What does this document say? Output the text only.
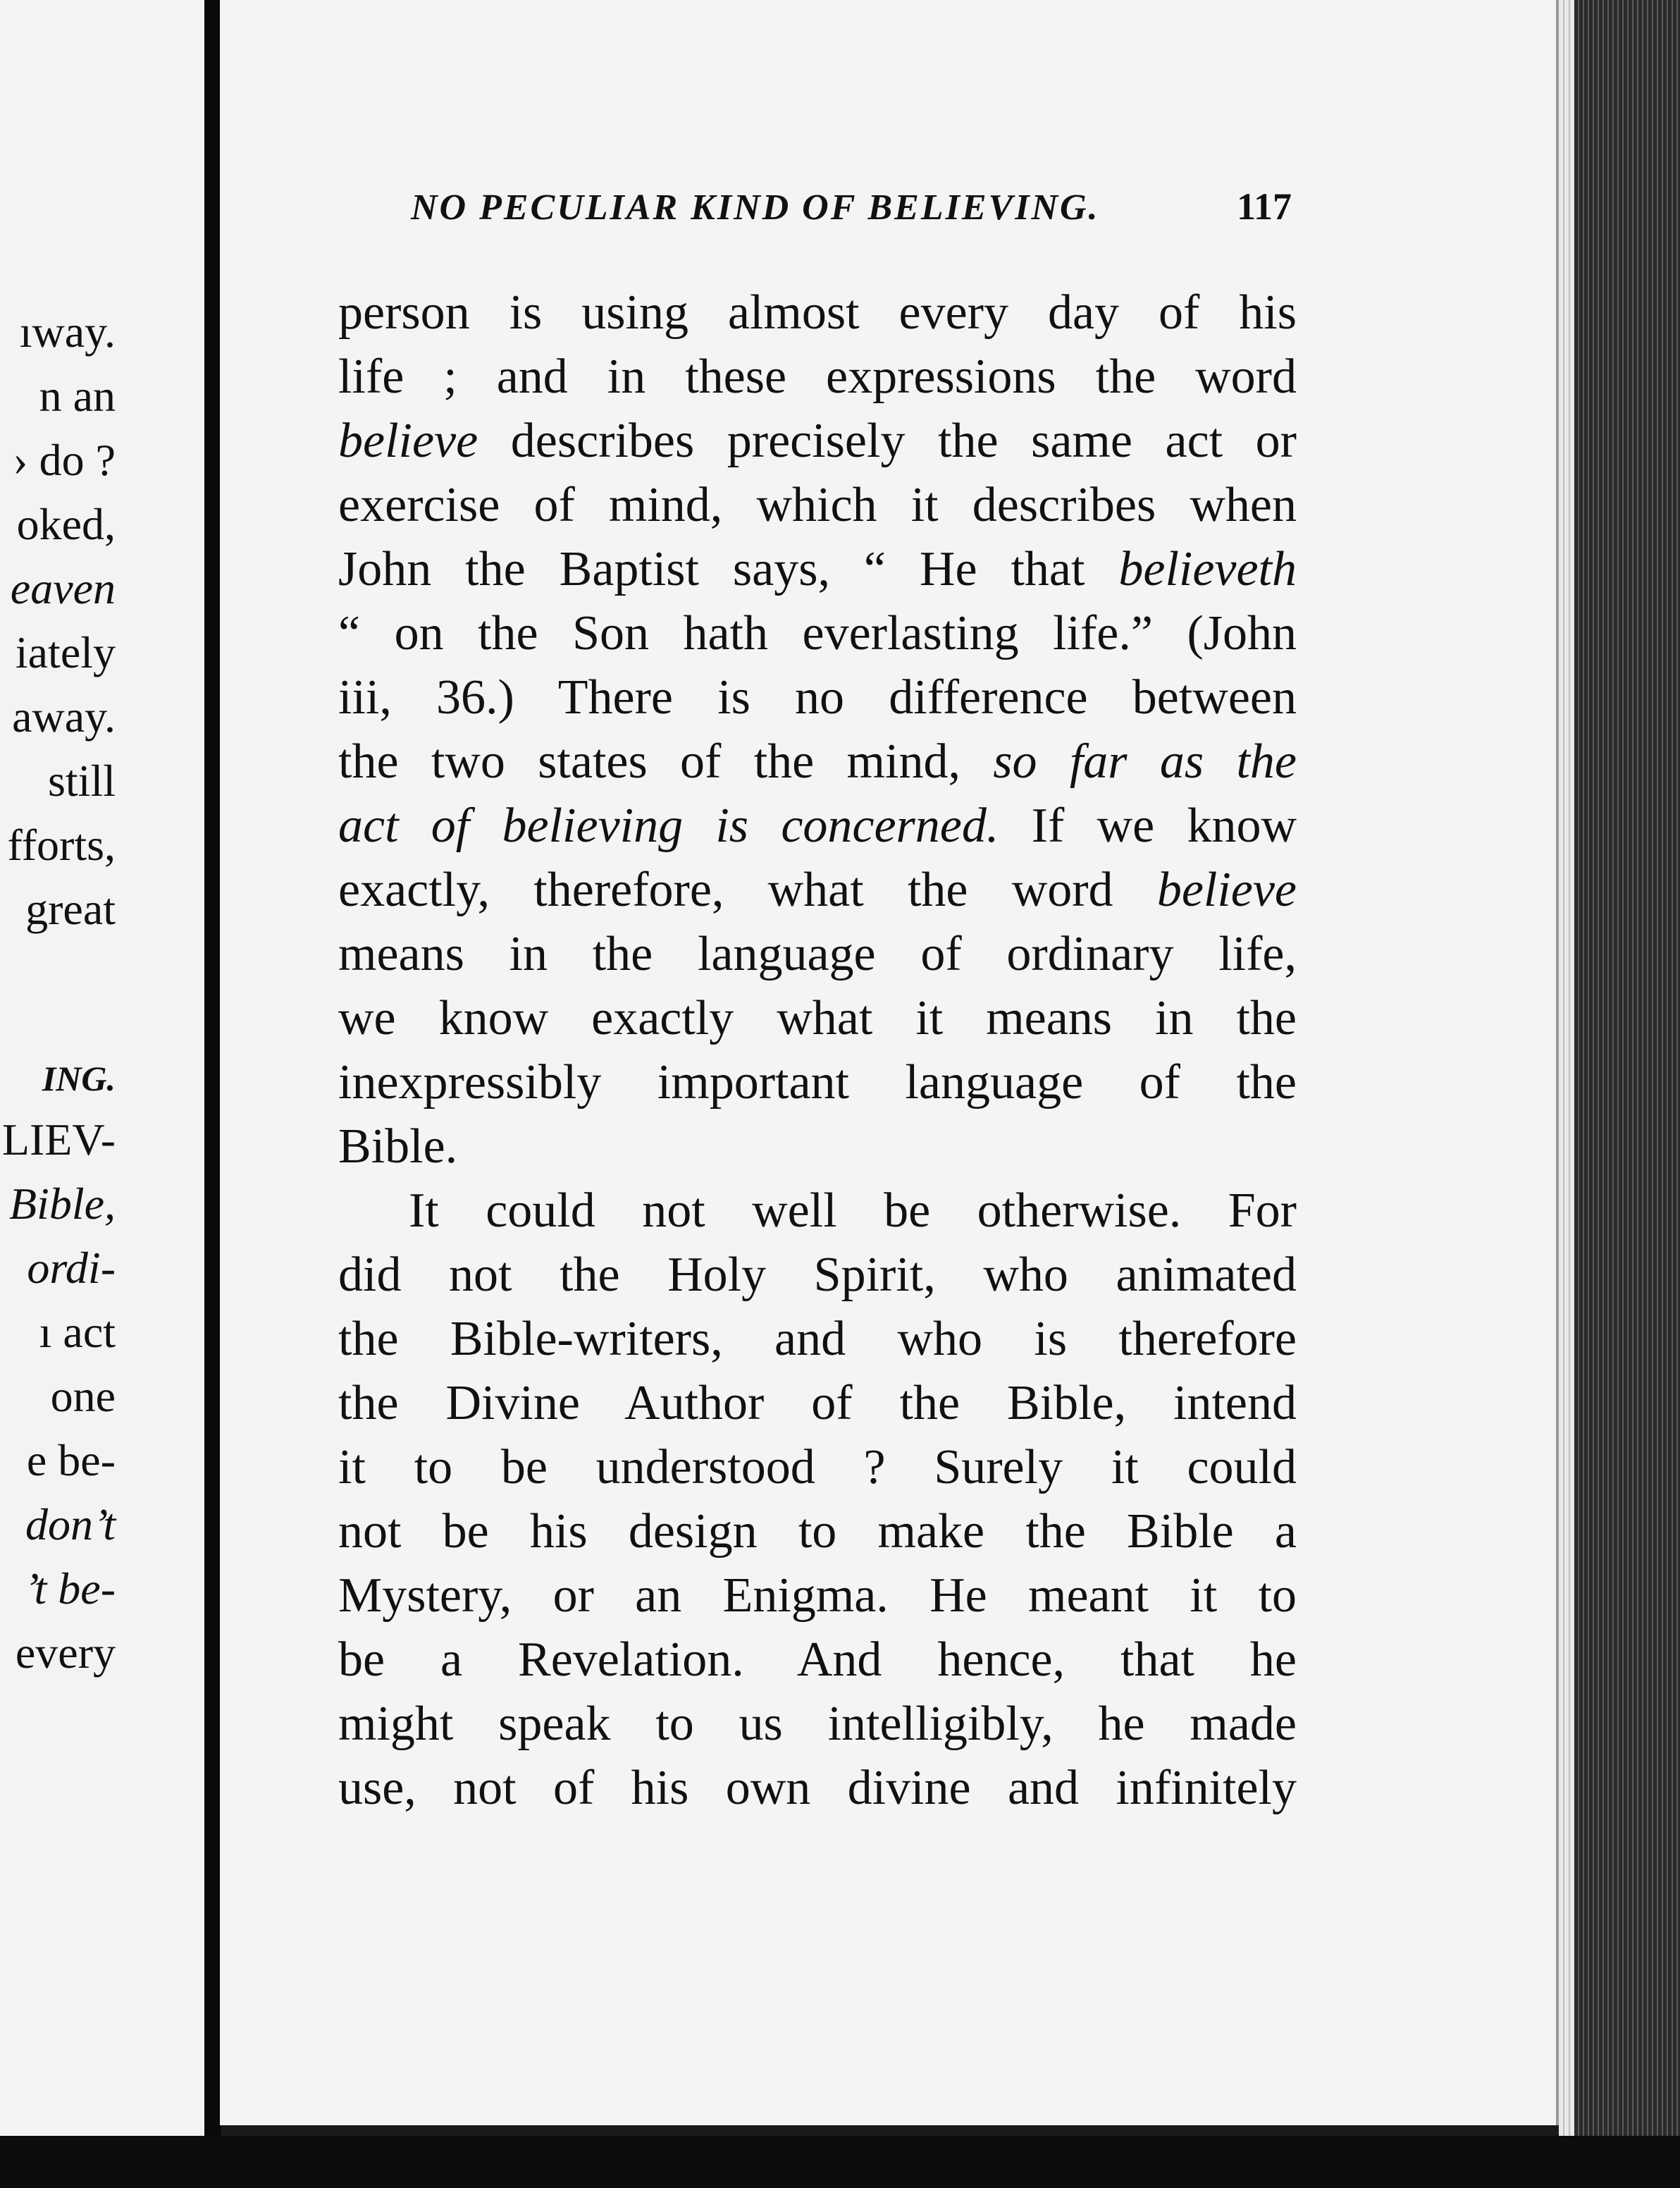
ıway.
n an
› do ?
oked,
eaven
iately
away.
still
fforts,
great
ING.
LIEV-
Bible,
ordi-
ı act
one
e be-
don’t
’t be-
every
NO PECULIAR KIND OF BELIEVING.	117
person is using almost every day of his
life ; and in these expressions the word
believe describes precisely the same act or
exercise of mind, which it describes when
John the Baptist says, “ He that believeth
“ on the Son hath everlasting life.” (John
iii, 36.) There is no difference between
the two states of the mind, so far as the
act of believing is concerned. If we know
exactly, therefore, what the word believe
means in the language of ordinary life,
we know exactly what it means in the
inexpressibly important language of the
Bible.
It could not well be otherwise. For
did not the Holy Spirit, who animated
the Bible-writers, and who is therefore
the Divine Author of the Bible, intend
it to be understood ? Surely it could
not be his design to make the Bible a
Mystery, or an Enigma. He meant it to
be a Revelation. And hence, that he
might speak to us intelligibly, he made
use, not of his own divine and infinitely
